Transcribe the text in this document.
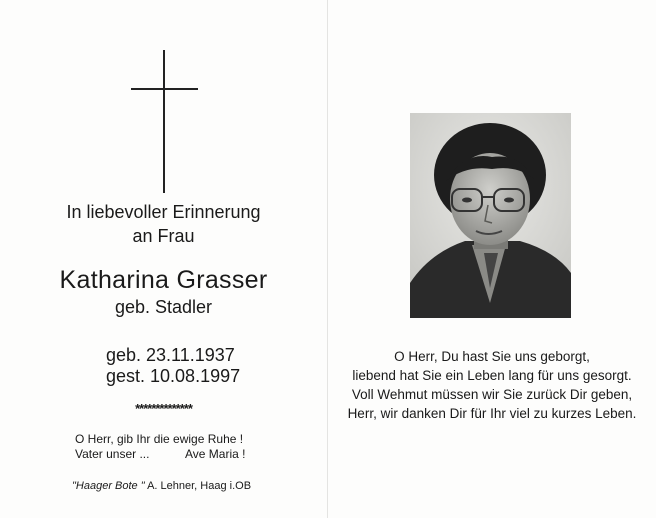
In liebevoller Erinnerung
an Frau
Katharina Grasser
geb. Stadler
geb. 23.11.1937
gest. 10.08.1997
**************
O Herr, gib Ihr die ewige Ruhe !
Vater unser ...	Ave Maria !
"Haager Bote " A. Lehner, Haag i.OB
O Herr, Du hast Sie uns geborgt,
liebend hat Sie ein Leben lang für uns gesorgt.
Voll Wehmut müssen wir Sie zurück Dir geben,
Herr, wir danken Dir für Ihr viel zu kurzes Leben.
